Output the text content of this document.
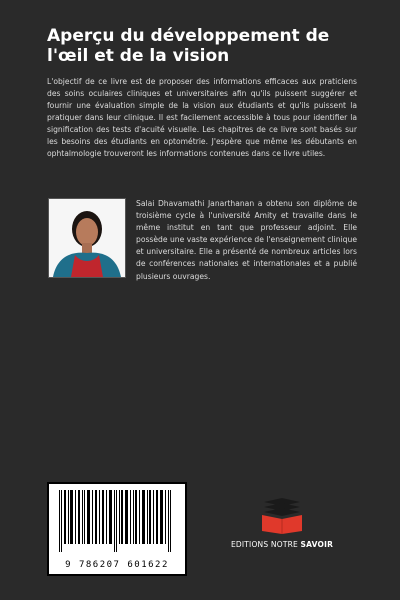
Aperçu du développement de l'œil et de la vision

L'objectif de ce livre est de proposer des informations efficaces aux praticiens des soins oculaires cliniques et universitaires afin qu'ils puissent suggérer et fournir une évaluation simple de la vision aux étudiants et qu'ils puissent la pratiquer dans leur clinique. Il est facilement accessible à tous pour identifier la signification des tests d'acuité visuelle. Les chapitres de ce livre sont basés sur les besoins des étudiants en optométrie. J'espère que même les débutants en ophtalmologie trouveront les informations contenues dans ce livre utiles.

Salai Dhavamathi Janarthanan a obtenu son diplôme de troisième cycle à l'université Amity et travaille dans le même institut en tant que professeur adjoint. Elle possède une vaste expérience de l'enseignement clinique et universitaire. Elle a présenté de nombreux articles lors de conférences nationales et internationales et a publié plusieurs ouvrages.

9 786207 601622
EDITIONS NOTRE SAVOIR
